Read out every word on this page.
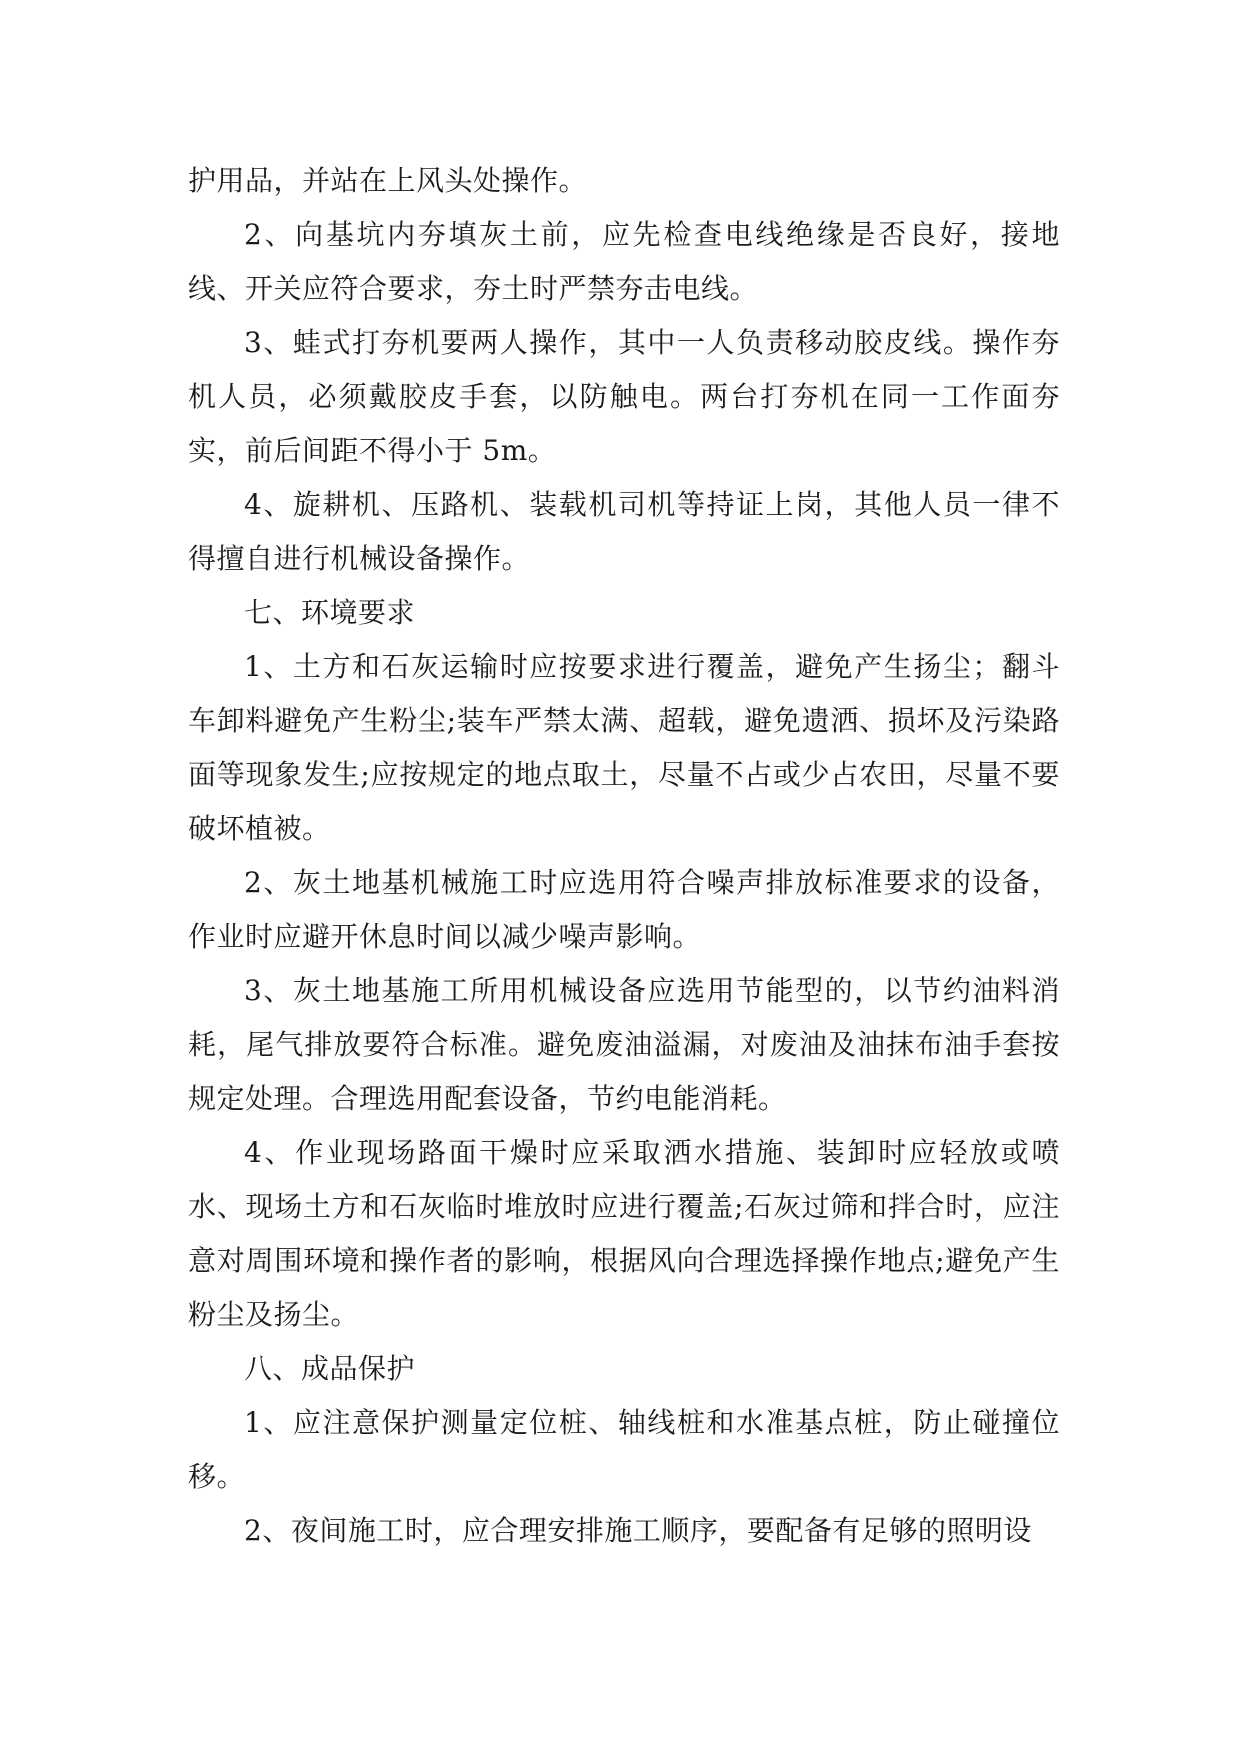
护用品，并站在上风头处操作。

2、向基坑内夯填灰土前，应先检查电线绝缘是否良好，接地线、开关应符合要求，夯土时严禁夯击电线。

3、蛙式打夯机要两人操作，其中一人负责移动胶皮线。操作夯机人员，必须戴胶皮手套，以防触电。两台打夯机在同一工作面夯实，前后间距不得小于 5m。

4、旋耕机、压路机、装载机司机等持证上岗，其他人员一律不得擅自进行机械设备操作。

七、环境要求

1、土方和石灰运输时应按要求进行覆盖，避免产生扬尘；翻斗车卸料避免产生粉尘;装车严禁太满、超载，避免遗洒、损坏及污染路面等现象发生;应按规定的地点取土，尽量不占或少占农田，尽量不要破坏植被。

2、灰土地基机械施工时应选用符合噪声排放标准要求的设备，作业时应避开休息时间以减少噪声影响。

3、灰土地基施工所用机械设备应选用节能型的，以节约油料消耗，尾气排放要符合标准。避免废油溢漏，对废油及油抹布油手套按规定处理。合理选用配套设备，节约电能消耗。

4、作业现场路面干燥时应采取洒水措施、装卸时应轻放或喷水、现场土方和石灰临时堆放时应进行覆盖;石灰过筛和拌合时，应注意对周围环境和操作者的影响，根据风向合理选择操作地点;避免产生粉尘及扬尘。

八、成品保护

1、应注意保护测量定位桩、轴线桩和水准基点桩，防止碰撞位移。

2、夜间施工时，应合理安排施工顺序，要配备有足够的照明设
